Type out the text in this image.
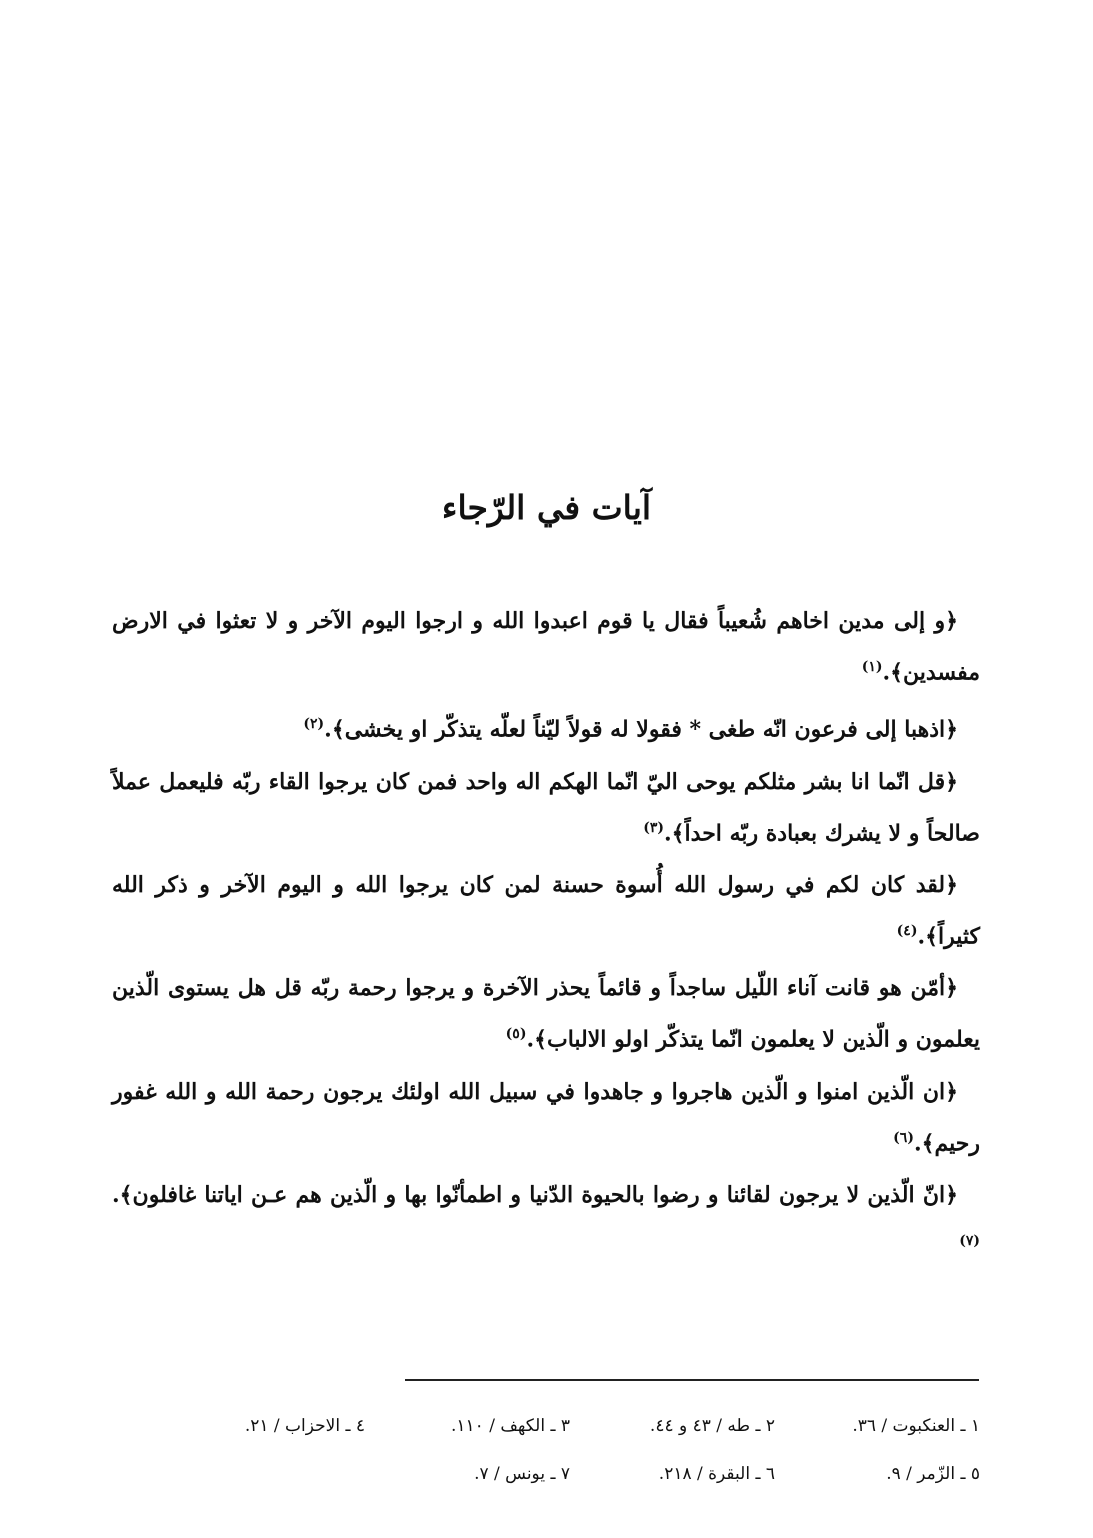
آيات في الرّجاء

﴿و إلى مدين اخاهم شُعيباً فقال يا قوم اعبدوا الله و ارجوا اليوم الآخر و لا تعثوا في الارض مفسدين﴾.$^{(١)}$

﴿اذهبا إلى فرعون انّه طغى * فقولا له قولاً ليّناً لعلّه يتذكّر او يخشى﴾.$^{(٢)}$

﴿قل انّما انا بشر مثلكم يوحى اليّ انّما الهكم اله واحد فمن كان يرجوا القاء ربّه فليعمل عملاً صالحاً و لا يشرك بعبادة ربّه احداً﴾.$^{(٣)}$

﴿لقد كان لكم في رسول الله أُسوة حسنة لمن كان يرجوا الله و اليوم الآخر و ذكر الله كثيراً﴾.$^{(٤)}$

﴿أمّن هو قانت آناء اللّيل ساجداً و قائماً يحذر الآخرة و يرجوا رحمة ربّه قل هل يستوى الّذين يعلمون و الّذين لا يعلمون انّما يتذكّر اولو الالباب﴾.$^{(٥)}$

﴿ان الّذين امنوا و الّذين هاجروا و جاهدوا في سبيل الله اولئك يرجون رحمة الله و الله غفور رحيم﴾.$^{(٦)}$

﴿انّ الّذين لا يرجون لقائنا و رضوا بالحيوة الدّنيا و اطمأنّوا بها و الّذين هم عـن اياتنا غافلون﴾.$^{(٧)}$

١ ـ العنكبوت / ٣٦.
٢ ـ طه / ٤٣ و ٤٤.
٣ ـ الكهف / ١١٠.
٤ ـ الاحزاب / ٢١.
٥ ـ الزّمر / ٩.
٦ ـ البقرة / ٢١٨.
٧ ـ يونس / ٧.
